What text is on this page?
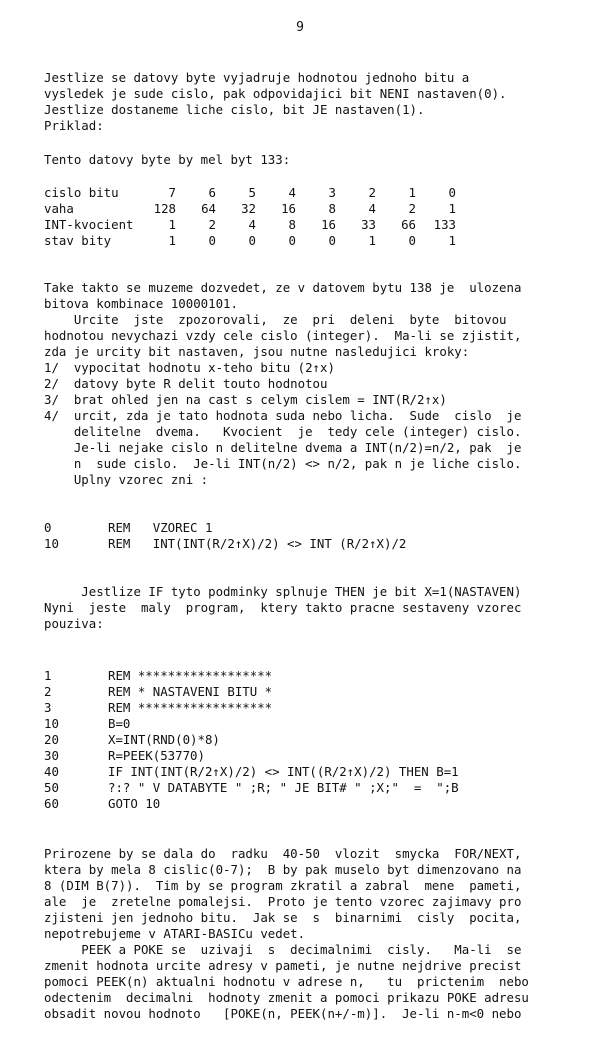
9
Jestlize se datovy byte vyjadruje hodnotou jednoho bitu a
vysledek je sude cislo, pak odpovidajici bit NENI nastaven(0).
Jestlize dostaneme liche cislo, bit JE nastaven(1).
Priklad:
Tento datovy byte by mel byt 133:
cislo bitu	7	6	5	4	3	2	1	0
vaha	128	64	32	16	8	4	2	1
INT-kvocient	1	2	4	8	16	33	66	133
stav bity	1	0	0	0	0	1	0	1
Take takto se muzeme dozvedet, ze v datovem bytu 138 je  ulozena
bitova kombinace 10000101.
Urcite  jste  zpozorovali,  ze  pri  deleni  byte  bitovou
hodnotou nevychazi vzdy cele cislo (integer).  Ma-li se zjistit,
zda je urcity bit nastaven, jsou nutne nasledujici kroky:
1/  vypocitat hodnotu x-teho bitu (2↑x)
2/  datovy byte R delit touto hodnotou
3/  brat ohled jen na cast s celym cislem = INT(R/2↑x)
4/  urcit, zda je tato hodnota suda nebo licha.  Sude  cislo  je
delitelne  dvema.   Kvocient  je  tedy cele (integer) cislo.
Je-li nejake cislo n delitelne dvema a INT(n/2)=n/2, pak  je
n  sude cislo.  Je-li INT(n/2) <> n/2, pak n je liche cislo.
Uplny vzorec zni :
0	REM   VZOREC 1
10	REM   INT(INT(R/2↑X)/2) <> INT (R/2↑X)/2
Jestlize IF tyto podminky splnuje THEN je bit X=1(NASTAVEN)
Nyni  jeste  maly  program,  ktery takto pracne sestaveny vzorec
pouziva:
1	REM ******************
2	REM * NASTAVENI BITU *
3	REM ******************
10	B=0
20	X=INT(RND(0)*8)
30	R=PEEK(53770)
40	IF INT(INT(R/2↑X)/2) <> INT((R/2↑X)/2) THEN B=1
50	?:? " V DATABYTE " ;R; " JE BIT# " ;X;"  =  ";B
60	GOTO 10
Prirozene by se dala do  radku  40-50  vlozit  smycka  FOR/NEXT,
ktera by mela 8 cislic(0-7);  B by pak muselo byt dimenzovano na
8 (DIM B(7)).  Tim by se program zkratil a zabral  mene  pameti,
ale  je  zretelne pomalejsi.  Proto je tento vzorec zajimavy pro
zjisteni jen jednoho bitu.  Jak se  s  binarnimi  cisly  pocita,
nepotrebujeme v ATARI-BASICu vedet.
PEEK a POKE se  uzivaji  s  decimalnimi  cisly.   Ma-li  se
zmenit hodnota urcite adresy v pameti, je nutne nejdrive precist
pomoci PEEK(n) aktualni hodnotu v adrese n,   tu  prictenim  nebo
odectenim  decimalni  hodnoty zmenit a pomoci prikazu POKE adresu
obsadit novou hodnoto   [POKE(n, PEEK(n+/-m)].  Je-li n-m<0 nebo
